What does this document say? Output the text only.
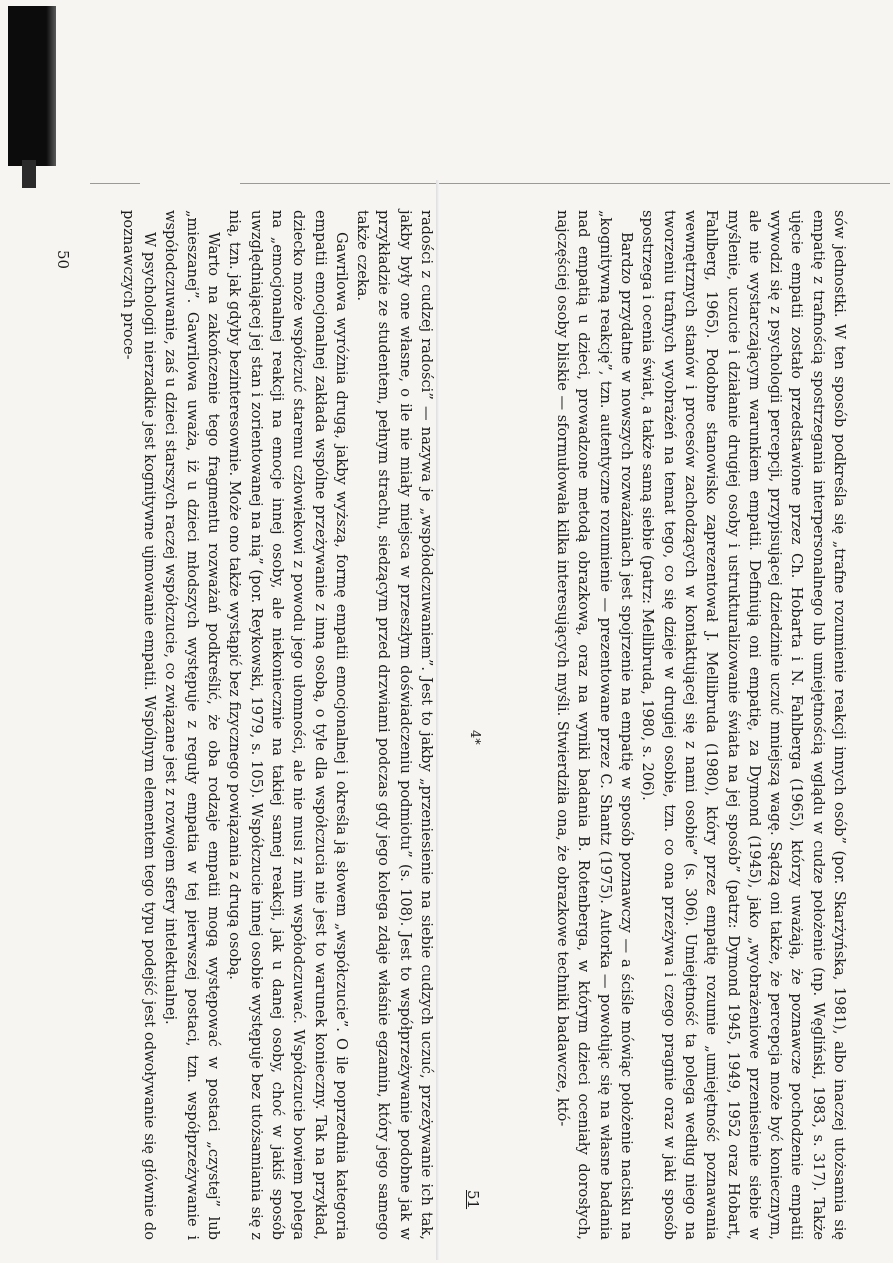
radości z cudzej radości” — nazywa je „współodczuwaniem”. Jest to jakby „przeniesienie na siebie cudzych uczuć, przeżywanie ich tak, jakby były one własne, o ile nie miały miejsca w przeszłym doświadczeniu podmiotu” (s. 108). Jest to współprzeżywanie podobne jak w przykładzie ze studentem, pełnym strachu, siedzącym przed drzwiami podczas gdy jego kolega zdaje właśnie egzamin, który jego samego także czeka.

Gawrilowa wyróżnia drugą, jakby wyższą, formę empatii emocjonalnej i określa ją słowem „współczucie”. O ile poprzednia kategoria empatii emocjonalnej zakłada wspólne przeżywanie z inną osobą, o tyle dla współczucia nie jest to warunek konieczny. Tak na przykład, dziecko może współczuć staremu człowiekowi z powodu jego ułomności, ale nie musi z nim współodczuwać. Współczucie bowiem polega na „emocjonalnej reakcji na emocje innej osoby, ale niekoniecznie na takiej samej reakcji, jak u danej osoby, choć w jakiś sposób uwzględniającej jej stan i zorientowanej na nią” (por. Reykowski, 1979, s. 105). Współczucie innej osobie występuje bez utożsamiania się z nią, tzn. jak gdyby bezinteresownie. Może ono także wystąpić bez fizycznego powiązania z drugą osobą.

Warto na zakończenie tego fragmentu rozważań podkreślić, że oba rodzaje empatii mogą występować w postaci „czystej” lub „mieszanej”. Gawrilowa uważa, iż u dzieci młodszych występuje z reguły empatia w tej pierwszej postaci, tzn. współprzeżywanie i współodczuwanie, zaś u dzieci starszych raczej współczucie, co związane jest z rozwojem sfery intelektualnej.

W psychologii nierzadkie jest kognitywne ujmowanie empatii. Wspólnym elementem tego typu podejść jest odwoływanie się głównie do poznawczych proce-

50	sów jednostki. W ten sposób podkreśla się „trafne rozumienie reakcji innych osób” (por. Skarżyńska, 1981), albo inaczej utożsamia się empatię z trafnością spostrzegania interpersonalnego lub umiejętnością wglądu w cudze położenie (np. Węgliński, 1983, s. 317). Także ujęcie empatii zostało przedstawione przez Ch. Hobarta i N. Fahlberga (1965), którzy uważają, że poznawcze pochodzenie empatii wywodzi się z psychologii percepcji, przypisującej dziedzinie uczuć mniejszą wagę. Sądzą oni także, że percepcja może być koniecznym, ale nie wystarczającym warunkiem empatii. Definiują oni empatię, za Dymond (1945), jako „wyobrażeniowe przeniesienie siebie w myślenie, uczucie i działanie drugiej osoby i ustrukturalizowanie świata na jej sposób” (patrz: Dymond 1945, 1949, 1952 oraz Hobart, Fahlberg, 1965). Podobne stanowisko zaprezentował J. Mellibruda (1980), który przez empatię rozumie „umiejętność poznawania wewnętrznych stanów i procesów zachodzących w kontaktującej się z nami osobie” (s. 306). Umiejętność ta polega według niego na tworzeniu trafnych wyobrażeń na temat tego, co się dzieje w drugiej osobie, tzn. co ona przeżywa i czego pragnie oraz w jaki sposób spostrzega i ocenia świat, a także samą siebie (patrz: Mellibruda, 1980, s. 206).

Bardzo przydatne w nowszych rozważaniach jest spojrzenie na empatię w sposób poznawczy — a ściśle mówiąc położenie nacisku na „kognitywną reakcję”, tzn. autentyczne rozumienie — prezentowane przez C. Shantz (1975). Autorka — powołując się na własne badania nad empatią u dzieci, prowadzone metodą obrazkową, oraz na wyniki badania B. Rotenberga, w którym dzieci oceniały dorosłych, najczęściej osoby bliskie — sformułowała kilka interesujących myśli. Stwierdziła ona, że obrazkowe techniki badawcze, któ-

4*
51
